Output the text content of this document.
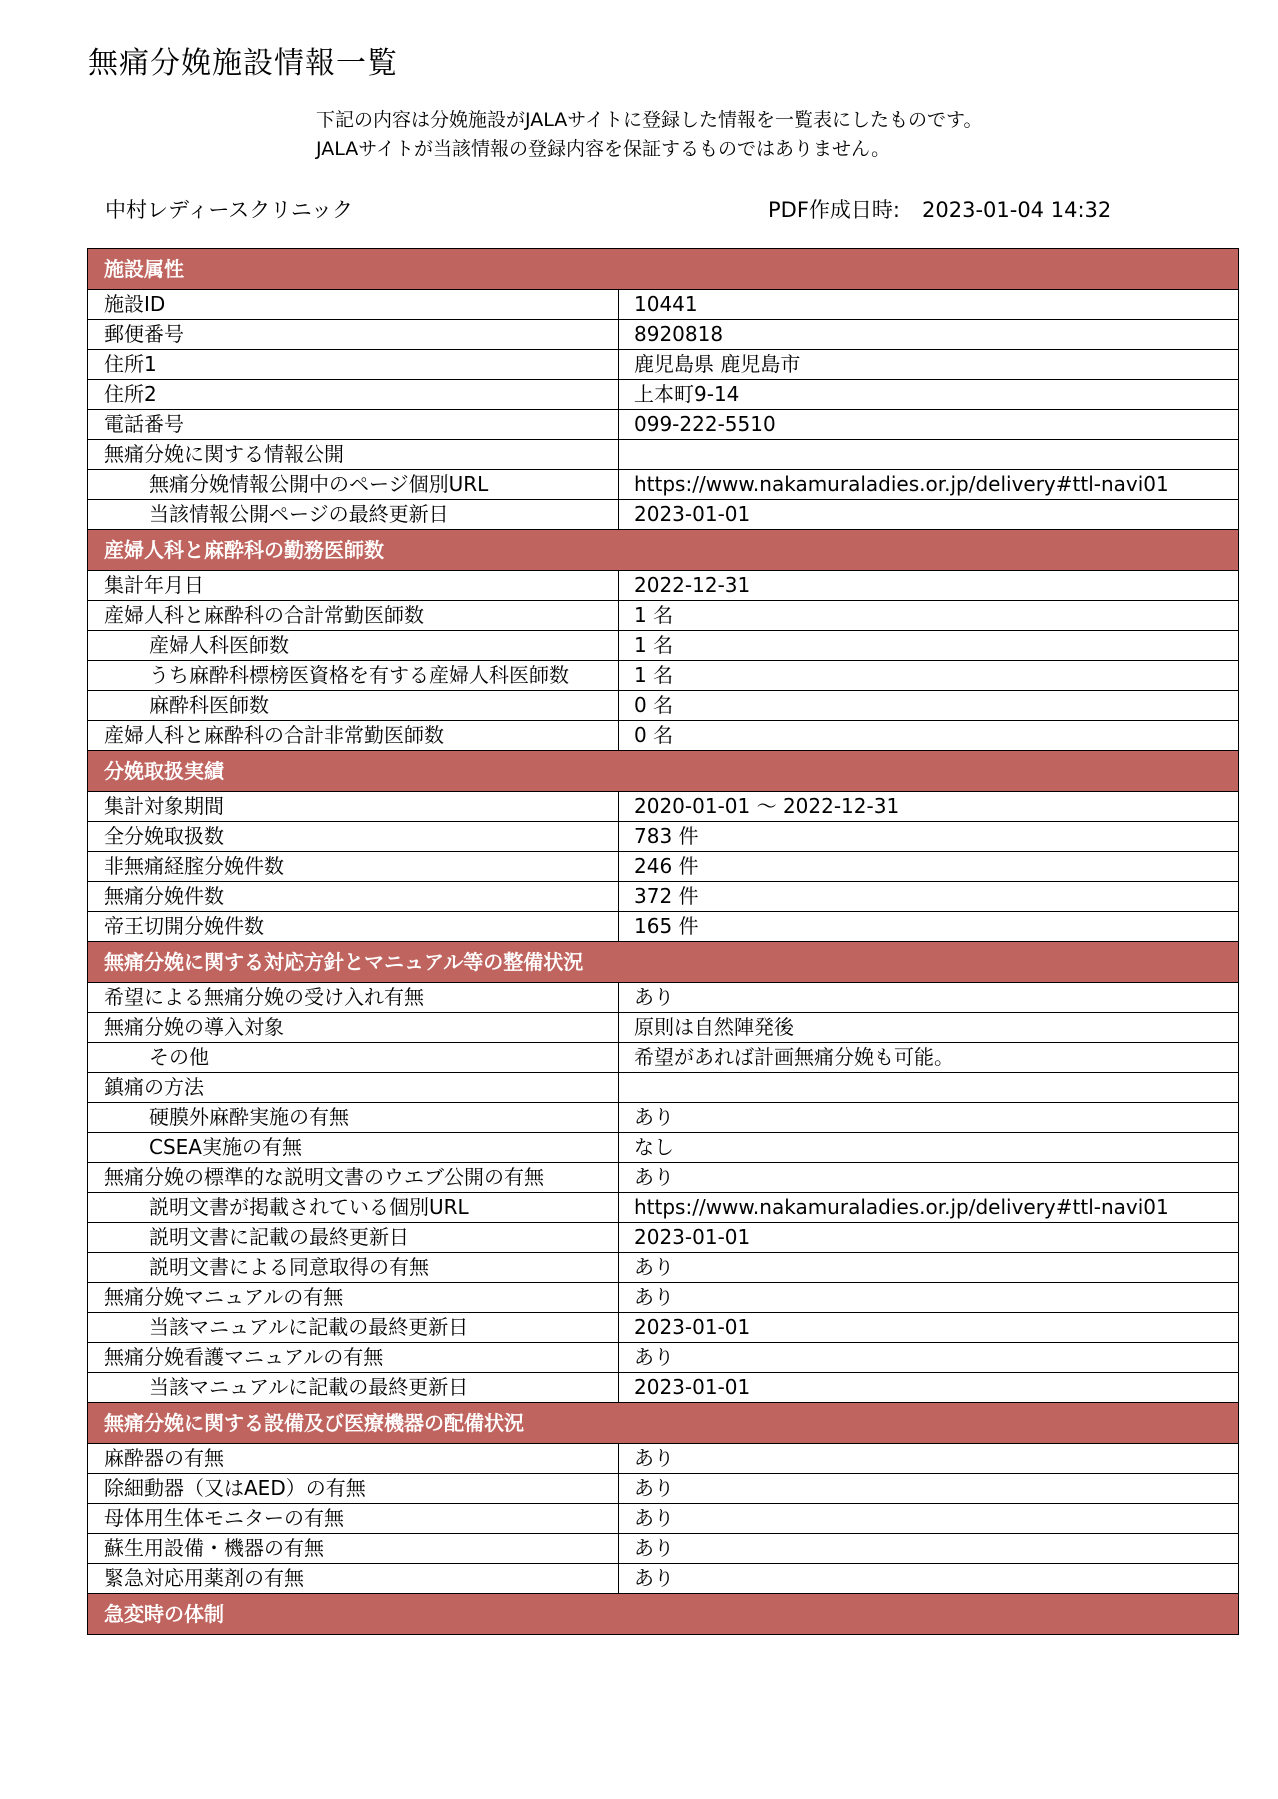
無痛分娩施設情報一覧
下記の内容は分娩施設がJALAサイトに登録した情報を一覧表にしたものです。
JALAサイトが当該情報の登録内容を保証するものではありません。
中村レディースクリニック	PDF作成日時: 2023-01-04 14:32
施設属性	
施設ID	10441
郵便番号	8920818
住所1	鹿児島県 鹿児島市
住所2	上本町9-14
電話番号	099-222-5510
無痛分娩に関する情報公開	
無痛分娩情報公開中のページ個別URL	https://www.nakamuraladies.or.jp/delivery#ttl-navi01
当該情報公開ページの最終更新日	2023-01-01
産婦人科と麻酔科の勤務医師数	
集計年月日	2022-12-31
産婦人科と麻酔科の合計常勤医師数	1 名
産婦人科医師数	1 名
うち麻酔科標榜医資格を有する産婦人科医師数	1 名
麻酔科医師数	0 名
産婦人科と麻酔科の合計非常勤医師数	0 名
分娩取扱実績	
集計対象期間	2020-01-01 ～ 2022-12-31
全分娩取扱数	783 件
非無痛経腟分娩件数	246 件
無痛分娩件数	372 件
帝王切開分娩件数	165 件
無痛分娩に関する対応方針とマニュアル等の整備状況	
希望による無痛分娩の受け入れ有無	あり
無痛分娩の導入対象	原則は自然陣発後
その他	希望があれば計画無痛分娩も可能。
鎮痛の方法	
硬膜外麻酔実施の有無	あり
CSEA実施の有無	なし
無痛分娩の標準的な説明文書のウエブ公開の有無	あり
説明文書が掲載されている個別URL	https://www.nakamuraladies.or.jp/delivery#ttl-navi01
説明文書に記載の最終更新日	2023-01-01
説明文書による同意取得の有無	あり
無痛分娩マニュアルの有無	あり
当該マニュアルに記載の最終更新日	2023-01-01
無痛分娩看護マニュアルの有無	あり
当該マニュアルに記載の最終更新日	2023-01-01
無痛分娩に関する設備及び医療機器の配備状況	
麻酔器の有無	あり
除細動器（又はAED）の有無	あり
母体用生体モニターの有無	あり
蘇生用設備・機器の有無	あり
緊急対応用薬剤の有無	あり
急変時の体制	
